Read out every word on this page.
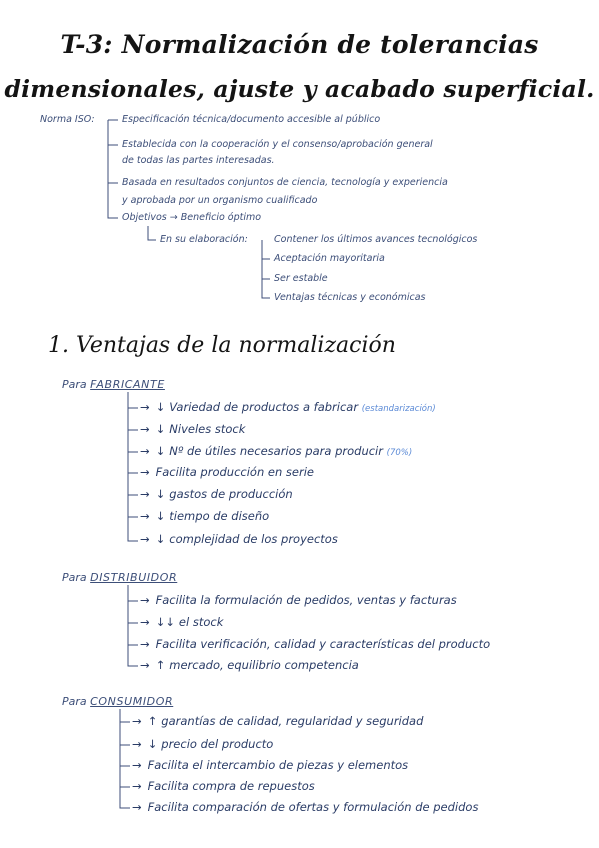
T-3: Normalización de tolerancias
dimensionales, ajuste y acabado superficial.
Norma ISO:	Especificación técnica/documento accesible al público
Establecida con la cooperación y el consenso/aprobación general
de todas las partes interesadas.
Basada en resultados conjuntos de ciencia, tecnología y experiencia
y aprobada por un organismo cualificado
Objetivos → Beneficio óptimo
En su elaboración:	Contener los últimos avances tecnológicos
Aceptación mayoritaria
Ser estable
Ventajas técnicas y económicas
1. Ventajas de la normalización
Para FABRICANTE
→ ↓ Variedad de productos a fabricar (estandarización)
→ ↓ Niveles stock
→ ↓ Nº de útiles necesarios para producir (70%)
→ Facilita producción en serie
→ ↓ gastos de producción
→ ↓ tiempo de diseño
→ ↓ complejidad de los proyectos
Para DISTRIBUIDOR
→ Facilita la formulación de pedidos, ventas y facturas
→ ↓↓ el stock
→ Facilita verificación, calidad y características del producto
→ ↑ mercado, equilibrio competencia
Para CONSUMIDOR
→ ↑ garantías de calidad, regularidad y seguridad
→ ↓ precio del producto
→ Facilita el intercambio de piezas y elementos
→ Facilita compra de repuestos
→ Facilita comparación de ofertas y formulación de pedidos
